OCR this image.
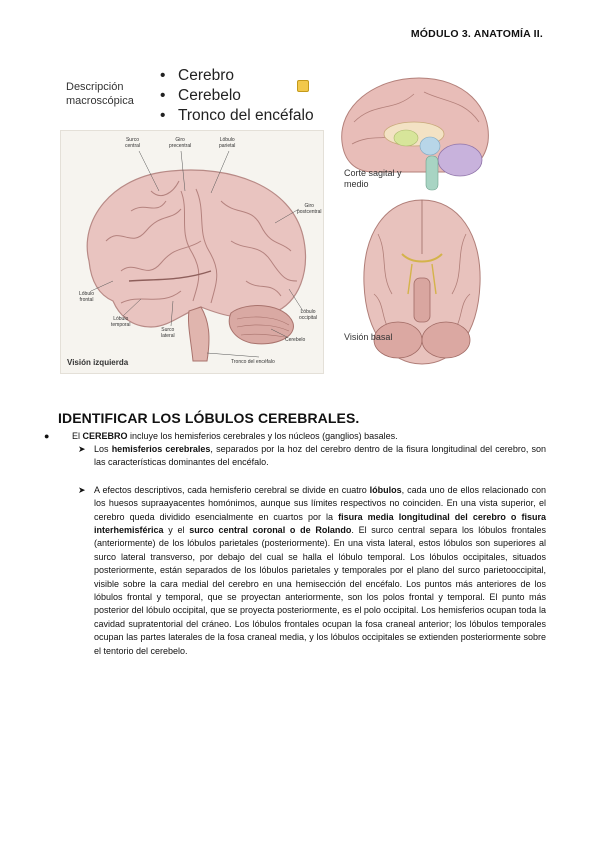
MÓDULO 3. ANATOMÍA II.
Descripción
macroscópica
• Cerebro
• Cerebelo
• Tronco del encéfalo
Surco
central
Giro
precentral
Lóbulo
parietal
Giro
postcentral
Lóbulo
frontal
Lóbulo
temporal
Surco
lateral
Lóbulo
occipital
Cerebelo
Tronco del encéfalo
Visión izquierda
Corte sagital y
medio
Visión basal
IDENTIFICAR LOS LÓBULOS CEREBRALES.
●	El CEREBRO incluye los hemisferios cerebrales y los núcleos (ganglios) basales.
➤ Los hemisferios cerebrales, separados por la hoz del cerebro dentro de la fisura longitudinal del cerebro, son las características dominantes del encéfalo.
➤ A efectos descriptivos, cada hemisferio cerebral se divide en cuatro lóbulos, cada uno de ellos relacionado con los huesos supraayacentes homónimos, aunque sus límites respectivos no coinciden. En una vista superior, el cerebro queda dividido esencialmente en cuartos por la fisura media longitudinal del cerebro o fisura interhemisférica y el surco central coronal o de Rolando. El surco central separa los lóbulos frontales (anteriormente) de los lóbulos parietales (posteriormente). En una vista lateral, estos lóbulos son superiores al surco lateral transverso, por debajo del cual se halla el lóbulo temporal. Los lóbulos occipitales, situados posteriormente, están separados de los lóbulos parietales y temporales por el plano del surco parietooccipital, visible sobre la cara medial del cerebro en una hemisección del encéfalo. Los puntos más anteriores de los lóbulos frontal y temporal, que se proyectan anteriormente, son los polos frontal y temporal. El punto más posterior del lóbulo occipital, que se proyecta posteriormente, es el polo occipital. Los hemisferios ocupan toda la cavidad supratentorial del cráneo. Los lóbulos frontales ocupan la fosa craneal anterior; los lóbulos temporales ocupan las partes laterales de la fosa craneal media, y los lóbulos occipitales se extienden posteriormente sobre el tentorio del cerebelo.
